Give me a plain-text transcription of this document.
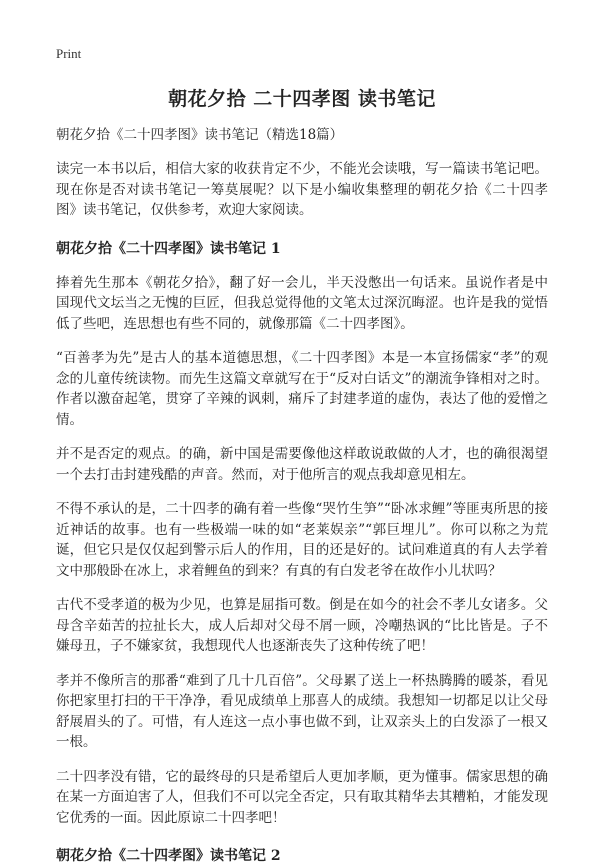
Print
朝花夕拾 二十四孝图 读书笔记
朝花夕拾《二十四孝图》读书笔记（精选18篇）

读完一本书以后，相信大家的收获肯定不少，不能光会读哦，写一篇读书笔记吧。现在你是否对读书笔记一筹莫展呢？以下是小编收集整理的朝花夕拾《二十四孝图》读书笔记，仅供参考，欢迎大家阅读。

朝花夕拾《二十四孝图》读书笔记 1

捧着先生那本《朝花夕拾》，翻了好一会儿，半天没憋出一句话来。虽说作者是中国现代文坛当之无愧的巨匠，但我总觉得他的文笔太过深沉晦涩。也许是我的觉悟低了些吧，连思想也有些不同的，就像那篇《二十四孝图》。

“百善孝为先”是古人的基本道德思想，《二十四孝图》本是一本宣扬儒家“孝”的观念的儿童传统读物。而先生这篇文章就写在于“反对白话文”的潮流争锋相对之时。作者以激奋起笔，贯穿了辛辣的讽刺，痛斥了封建孝道的虚伪，表达了他的爱憎之情。

并不是否定的观点。的确，新中国是需要像他这样敢说敢做的人才，也的确很渴望一个去打击封建残酷的声音。然而，对于他所言的观点我却意见相左。

不得不承认的是，二十四孝的确有着一些像“哭竹生笋”“卧冰求鲤”等匪夷所思的接近神话的故事。也有一些极端一味的如“老莱娱亲”“郭巨埋儿”。你可以称之为荒诞，但它只是仅仅起到警示后人的作用，目的还是好的。试问难道真的有人去学着文中那般卧在冰上，求着鲤鱼的到来？有真的有白发老爷在故作小儿状吗？

古代不受孝道的极为少见，也算是屈指可数。倒是在如今的社会不孝儿女诸多。父母含辛茹苦的拉扯长大，成人后却对父母不屑一顾，冷嘲热讽的“比比皆是。子不嫌母丑，子不嫌家贫，我想现代人也逐渐丧失了这种传统了吧！

孝并不像所言的那番“难到了几十几百倍”。父母累了送上一杯热腾腾的暖茶，看见你把家里打扫的干干净净，看见成绩单上那喜人的成绩。我想知一切都足以让父母舒展眉头的了。可惜，有人连这一点小事也做不到，让双亲头上的白发添了一根又一根。

二十四孝没有错，它的最终母的只是希望后人更加孝顺，更为懂事。儒家思想的确在某一方面迫害了人，但我们不可以完全否定，只有取其精华去其糟粕，才能发现它优秀的一面。因此原谅二十四孝吧！

朝花夕拾《二十四孝图》读书笔记 2
